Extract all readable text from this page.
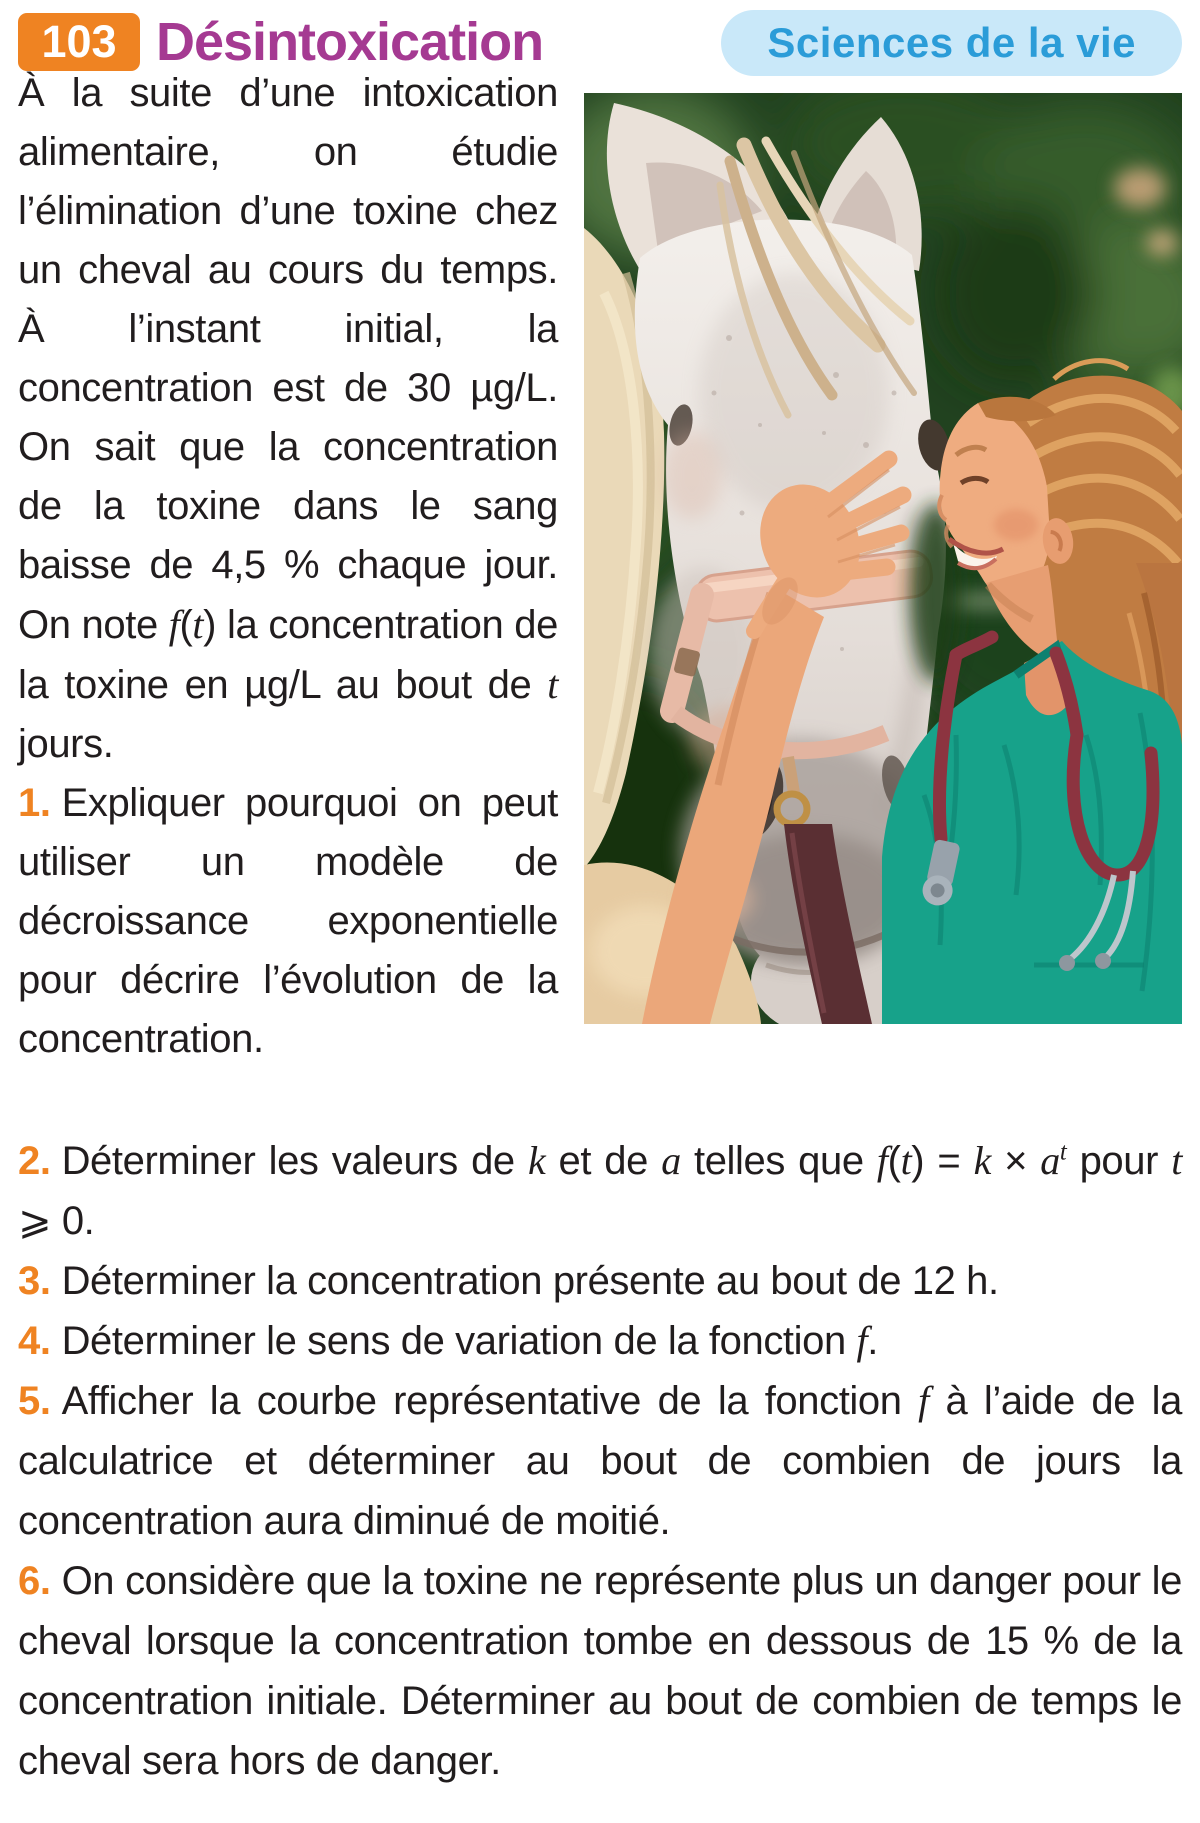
103 Désintoxication	Sciences de la vie

À la suite d’une intoxication alimentaire, on étudie l’élimination d’une toxine chez un cheval au cours du temps. À l’instant initial, la concentration est de 30 µg/L. On sait que la concentration de la toxine dans le sang baisse de 4,5 % chaque jour. On note f(t) la concentration de la toxine en µg/L au bout de t jours.

1. Expliquer pourquoi on peut utiliser un modèle de décroissance exponentielle pour décrire l’évolution de la concentration.

2. Déterminer les valeurs de k et de a telles que $f(t) = k \times a^t$ pour t ⩾ 0.

3. Déterminer la concentration présente au bout de 12 h.

4. Déterminer le sens de variation de la fonction f.

5. Afficher la courbe représentative de la fonction f à l’aide de la calculatrice et déterminer au bout de combien de jours la concentration aura diminué de moitié.

6. On considère que la toxine ne représente plus un danger pour le cheval lorsque la concentration tombe en dessous de 15 % de la concentration initiale. Déterminer au bout de combien de temps le cheval sera hors de danger.
